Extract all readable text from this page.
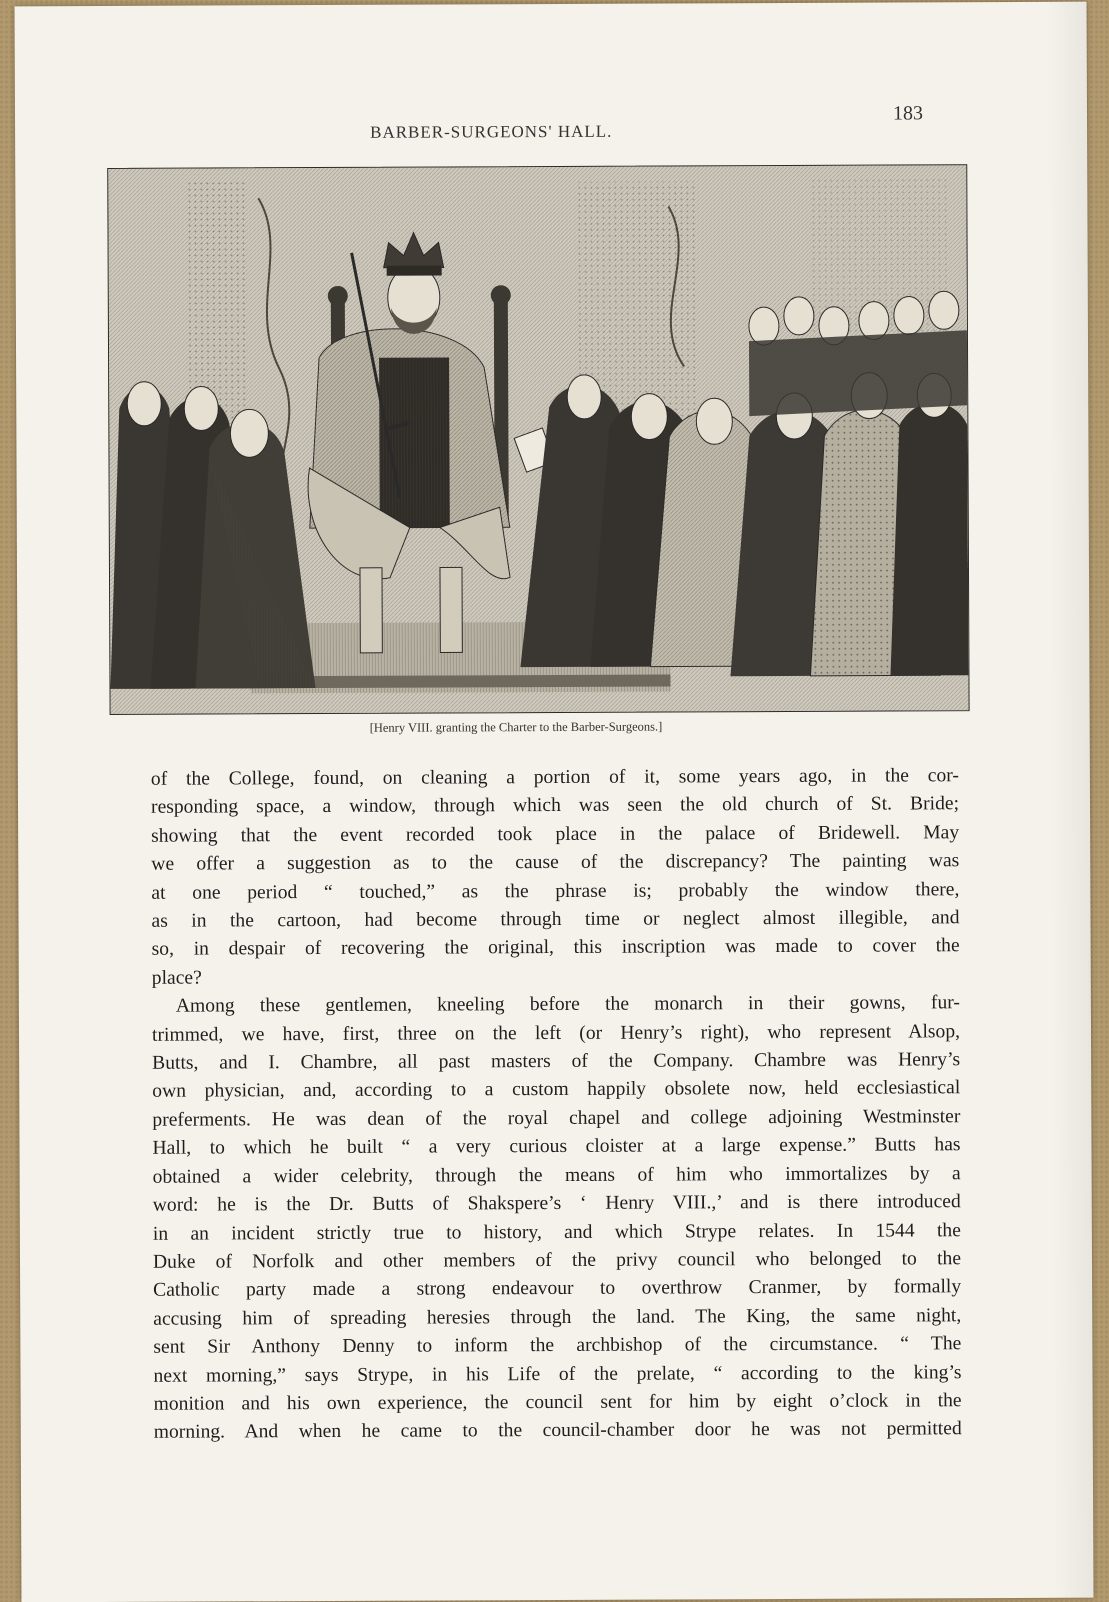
BARBER-SURGEONS' HALL.
183
[Henry VIII. granting the Charter to the Barber-Surgeons.]
of the College, found, on cleaning a portion of it, some years ago, in the cor-
responding space, a window, through which was seen the old church of St. Bride;
showing that the event recorded took place in the palace of Bridewell. May
we offer a suggestion as to the cause of the discrepancy? The painting was
at one period “ touched,” as the phrase is; probably the window there,
as in the cartoon, had become through time or neglect almost illegible, and
so, in despair of recovering the original, this inscription was made to cover the
place?
Among these gentlemen, kneeling before the monarch in their gowns, fur-
trimmed, we have, first, three on the left (or Henry’s right), who represent Alsop,
Butts, and I. Chambre, all past masters of the Company. Chambre was Henry’s
own physician, and, according to a custom happily obsolete now, held ecclesiastical
preferments. He was dean of the royal chapel and college adjoining Westminster
Hall, to which he built “ a very curious cloister at a large expense.” Butts has
obtained a wider celebrity, through the means of him who immortalizes by a
word: he is the Dr. Butts of Shakspere’s ‘ Henry VIII.,’ and is there introduced
in an incident strictly true to history, and which Strype relates. In 1544 the
Duke of Norfolk and other members of the privy council who belonged to the
Catholic party made a strong endeavour to overthrow Cranmer, by formally
accusing him of spreading heresies through the land. The King, the same night,
sent Sir Anthony Denny to inform the archbishop of the circumstance. “ The
next morning,” says Strype, in his Life of the prelate, “ according to the king’s
monition and his own experience, the council sent for him by eight o’clock in the
morning. And when he came to the council-chamber door he was not permitted
